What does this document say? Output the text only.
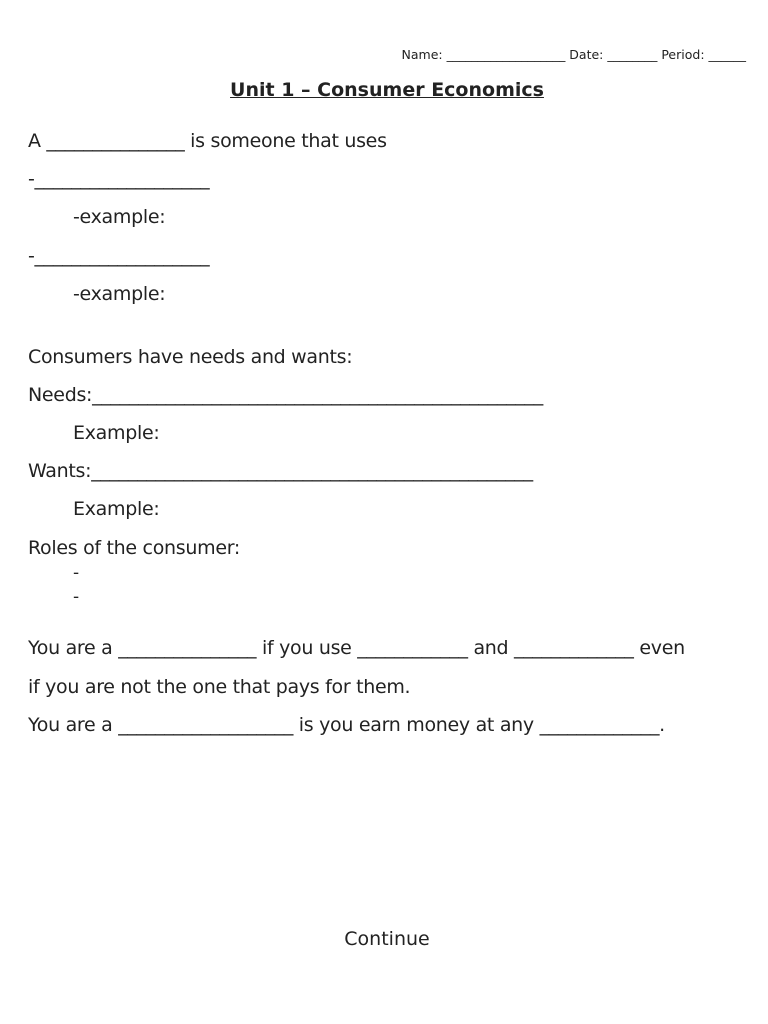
Name: ___________________ Date: ________ Period: ______
Unit 1 – Consumer Economics
A _______________ is someone that uses
-___________________
-example:
-___________________
-example:
Consumers have needs and wants:
Needs:_________________________________________________
Example:
Wants:________________________________________________
Example:
Roles of the consumer:
-
-
You are a _______________ if you use ____________ and _____________ even
if you are not the one that pays for them.
You are a ___________________ is you earn money at any _____________.
Continue
